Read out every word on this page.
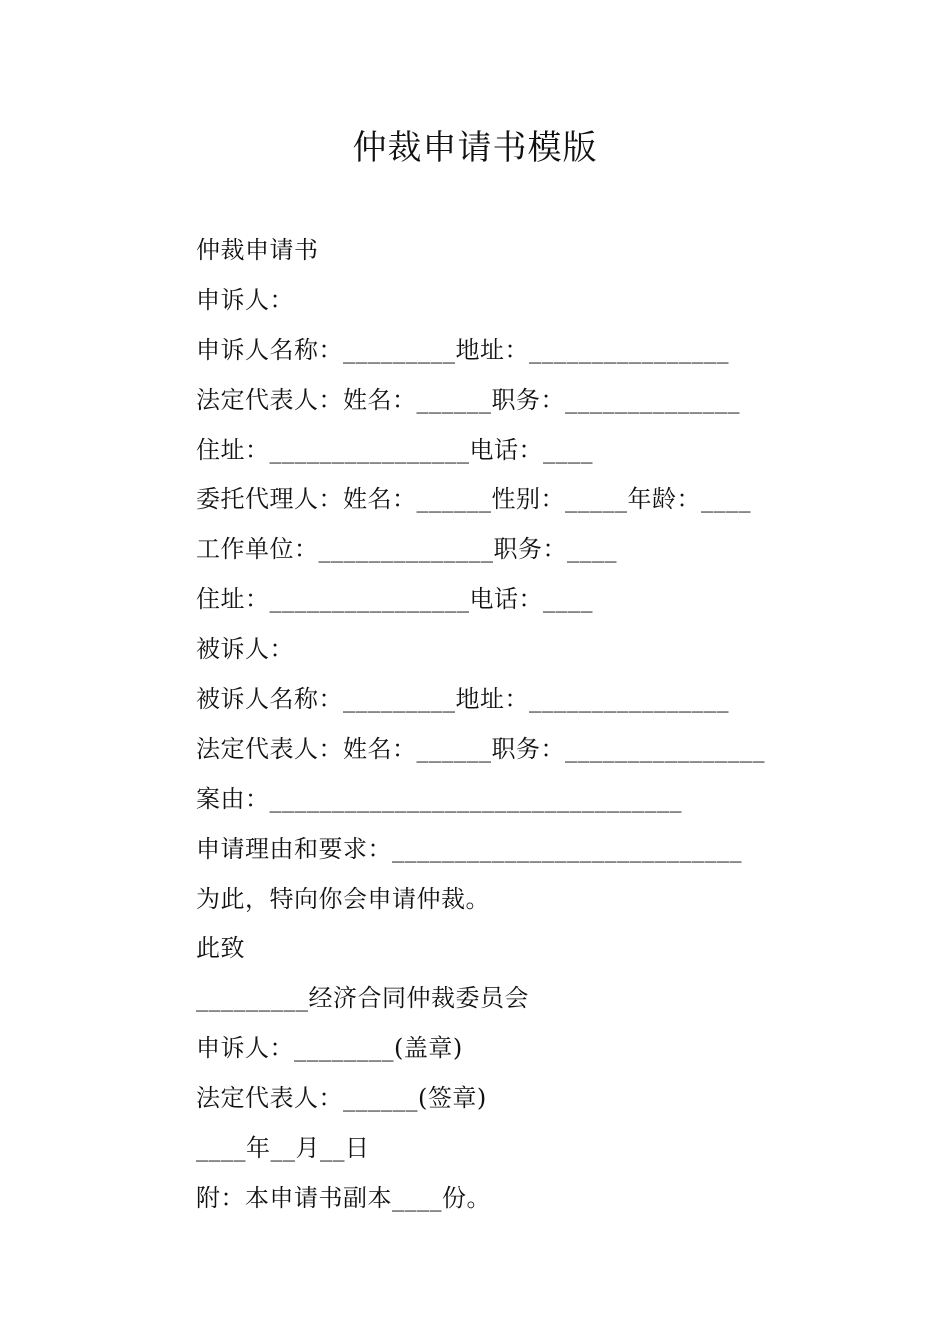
仲裁申请书模版
仲裁申请书
申诉人：
申诉人名称：_________地址：________________
法定代表人：姓名：______职务：______________
住址：________________电话：____
委托代理人：姓名：______性别：_____年龄：____
工作单位：______________职务：____
住址：________________电话：____
被诉人：
被诉人名称：_________地址：________________
法定代表人：姓名：______职务：________________
案由：_________________________________
申请理由和要求：____________________________
为此，特向你会申请仲裁。
此致
_________经济合同仲裁委员会
申诉人：________(盖章)
法定代表人：______(签章)
____年__月__日
附：本申请书副本____份。
